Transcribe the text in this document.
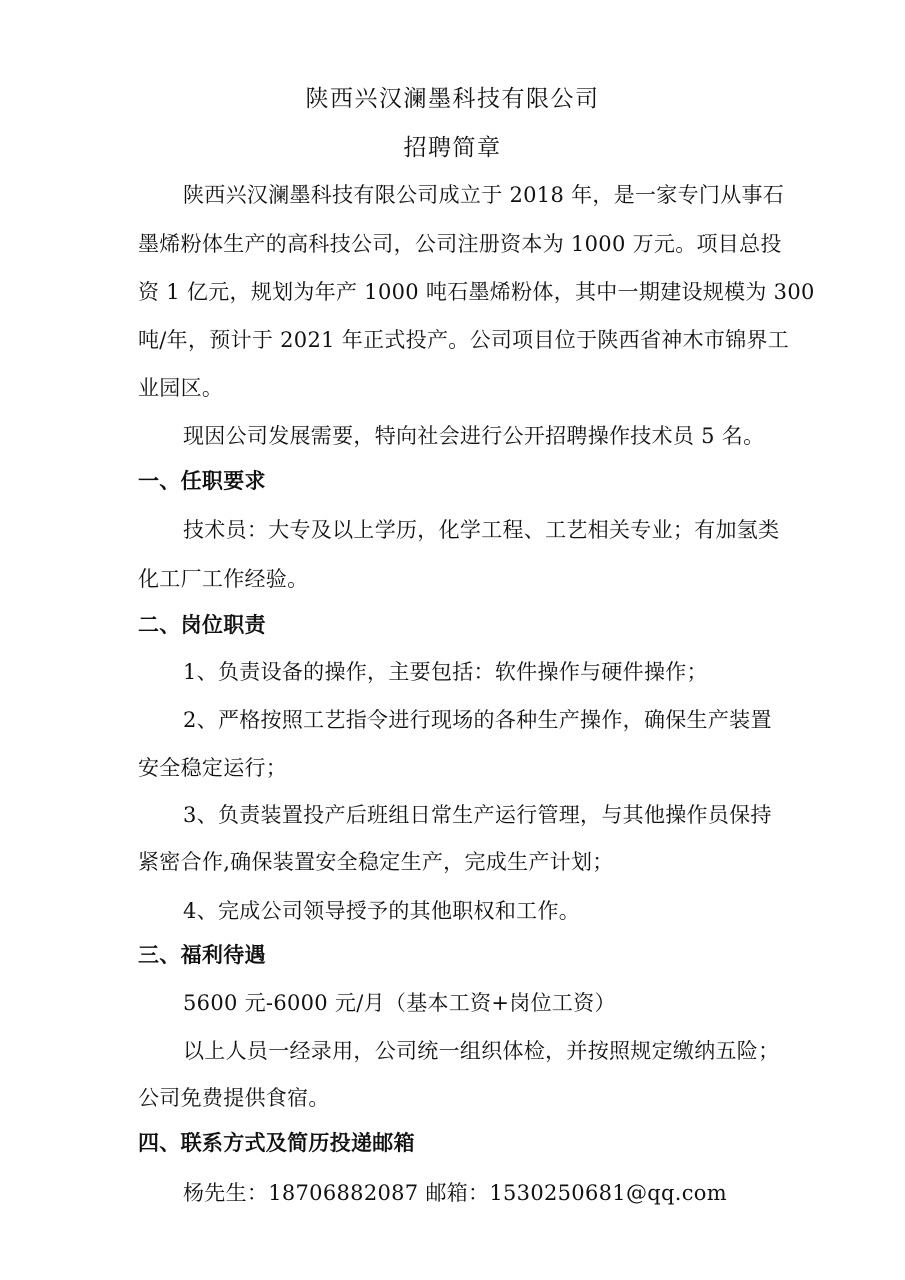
陕西兴汉澜墨科技有限公司

招聘简章

陕西兴汉澜墨科技有限公司成立于 2018 年，是一家专门从事石

墨烯粉体生产的高科技公司，公司注册资本为 1000 万元。项目总投

资 1 亿元，规划为年产 1000 吨石墨烯粉体，其中一期建设规模为 300

吨/年，预计于 2021 年正式投产。公司项目位于陕西省神木市锦界工

业园区。

现因公司发展需要，特向社会进行公开招聘操作技术员 5 名。

一、任职要求

技术员：大专及以上学历，化学工程、工艺相关专业；有加氢类

化工厂工作经验。

二、岗位职责

1、负责设备的操作，主要包括：软件操作与硬件操作；

2、严格按照工艺指令进行现场的各种生产操作，确保生产装置

安全稳定运行；

3、负责装置投产后班组日常生产运行管理，与其他操作员保持

紧密合作,确保装置安全稳定生产，完成生产计划；

4、完成公司领导授予的其他职权和工作。

三、福利待遇

5600 元-6000 元/月（基本工资+岗位工资）

以上人员一经录用，公司统一组织体检，并按照规定缴纳五险；

公司免费提供食宿。

四、联系方式及简历投递邮箱

杨先生：18706882087 邮箱：1530250681@qq.com
